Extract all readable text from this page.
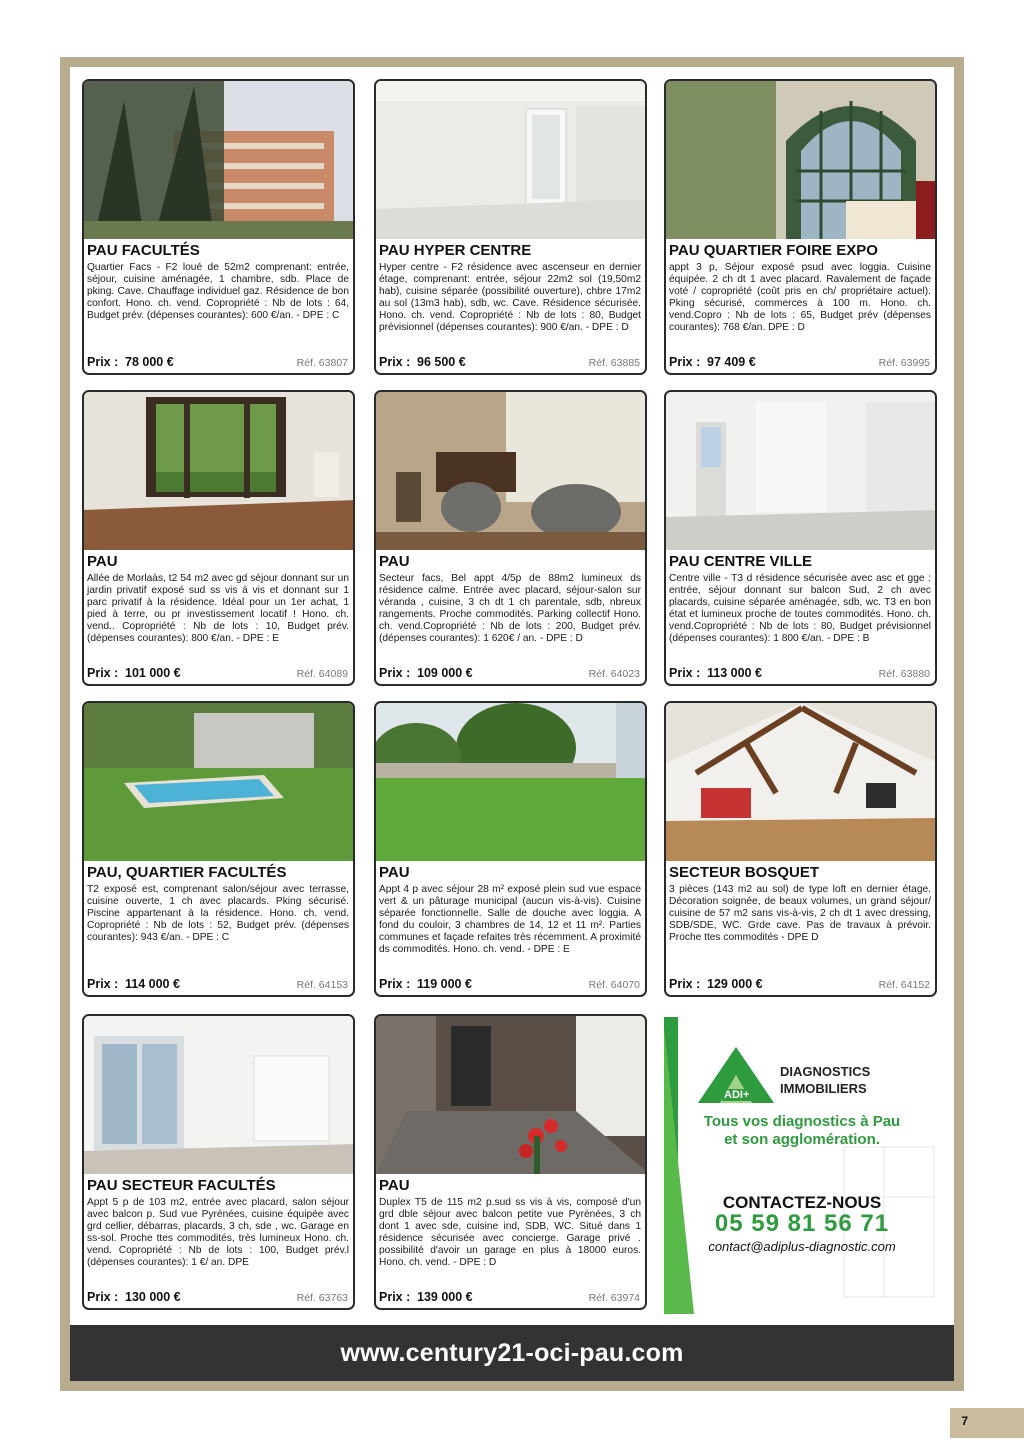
PAU FACULTÉS
Quartier Facs - F2 loué de 52m2 comprenant: entrée, séjour, cuisine aménagée, 1 chambre, sdb. Place de pking. Cave. Chauffage individuel gaz. Résidence de bon confort. Hono. ch. vend. Copropriété : Nb de lots : 64, Budget prév. (dépenses courantes): 600 €/an. - DPE : C
Prix : 78 000 €	Réf. 63807
PAU HYPER CENTRE
Hyper centre - F2 résidence avec ascenseur en dernier étage, comprenant: entrée, séjour 22m2 sol (19,50m2 hab), cuisine séparée (possibilité ouverture), chbre 17m2 au sol (13m3 hab), sdb, wc. Cave. Résidence sécurisée. Hono. ch. vend. Copropriété : Nb de lots : 80, Budget prévisionnel (dépenses courantes): 900 €/an. - DPE : D
Prix : 96 500 €	Réf. 63885
PAU QUARTIER FOIRE EXPO
appt 3 p, Séjour exposé psud avec loggia. Cuisine équipée. 2 ch dt 1 avec placard. Ravalement de façade voté / copropriété (coût pris en ch/ propriétaire actuel). Pking sécurisé, commerces à 100 m. Hono. ch. vend.Copro : Nb de lots : 65, Budget prév (dépenses courantes): 768 €/an. DPE : D
Prix : 97 409 €	Réf. 63995
PAU
Allée de Morlaàs, t2 54 m2 avec gd séjour donnant sur un jardin privatif exposé sud ss vis à vis et donnant sur 1 parc privatif à la résidence. Idéal pour un 1er achat, 1 pied à terre, ou pr investissement locatif ! Hono. ch. vend.. Copropriété : Nb de lots : 10, Budget prév.(dépenses courantes): 800 €/an. - DPE : E
Prix : 101 000 €	Réf. 64089
PAU
Secteur facs, Bel appt 4/5p de 88m2 lumineux ds résidence calme. Entrée avec placard, séjour-salon sur véranda , cuisine, 3 ch dt 1 ch parentale, sdb, nbreux rangements. Proche commodités. Parking collectif Hono. ch. vend.Copropriété : Nb de lots : 200, Budget prév.(dépenses courantes): 1 620€ / an. - DPE : D
Prix : 109 000 €	Réf. 64023
PAU CENTRE VILLE
Centre ville - T3 d résidence sécurisée avec asc et gge : entrée, séjour donnant sur balcon Sud, 2 ch avec placards, cuisine séparée aménagée, sdb, wc. T3 en bon état et lumineux proche de toutes commodités. Hono. ch. vend.Copropriété : Nb de lots : 80, Budget prévisionnel (dépenses courantes): 1 800 €/an. - DPE : B
Prix : 113 000 €	Réf. 63880
PAU, QUARTIER FACULTÉS
T2 exposé est, comprenant salon/séjour avec terrasse, cuisine ouverte, 1 ch avec placards. Pking sécurisé. Piscine appartenant à la résidence. Hono. ch. vend. Copropriété : Nb de lots : 52, Budget prév. (dépenses courantes): 943 €/an. - DPE : C
Prix : 114 000 €	Réf. 64153
PAU
Appt 4 p avec séjour 28 m² exposé plein sud vue espace vert & un pâturage municipal (aucun vis-à-vis). Cuisine séparée fonctionnelle. Salle de douche avec loggia. A fond du couloir, 3 chambres de 14, 12 et 11 m². Parties communes et façade refaites très récemment. A proximité ds commodités. Hono. ch. vend. - DPE : E
Prix : 119 000 €	Réf. 64070
SECTEUR BOSQUET
3 pièces (143 m2 au sol) de type loft en dernier étage. Décoration soignée, de beaux volumes, un grand séjour/ cuisine de 57 m2 sans vis-à-vis, 2 ch dt 1 avec dressing, SDB/SDE, WC. Grde cave. Pas de travaux à prévoir. Proche ttes commodités - DPE D
Prix : 129 000 €	Réf. 64152
PAU SECTEUR FACULTÉS
Appt 5 p de 103 m2, entrée avec placard, salon séjour avec balcon p. Sud vue Pyrénées, cuisine équipée avec grd cellier, débarras, placards, 3 ch, sde , wc. Garage en ss-sol. Proche ttes commodités, très lumineux Hono. ch. vend. Copropriété : Nb de lots : 100, Budget prév.l (dépenses courantes): 1 €/ an. DPE
Prix : 130 000 €	Réf. 63763
PAU
Duplex T5 de 115 m2 p.sud ss vis à vis, composé d'un grd dble séjour avec balcon petite vue Pyrénées, 3 ch dont 1 avec sde, cuisine ind, SDB, WC. Situé dans 1 résidence sécurisée avec concierge. Garage privé . possibilité d'avoir un garage en plus à 18000 euros. Hono. ch. vend. - DPE : D
Prix : 139 000 €	Réf. 63974
ADI+
DIAGNOSTICS
IMMOBILIERS
Tous vos diagnostics à Pau
et son agglomération.
CONTACTEZ-NOUS
05 59 81 56 71
contact@adiplus-diagnostic.com
www.century21-oci-pau.com
7
